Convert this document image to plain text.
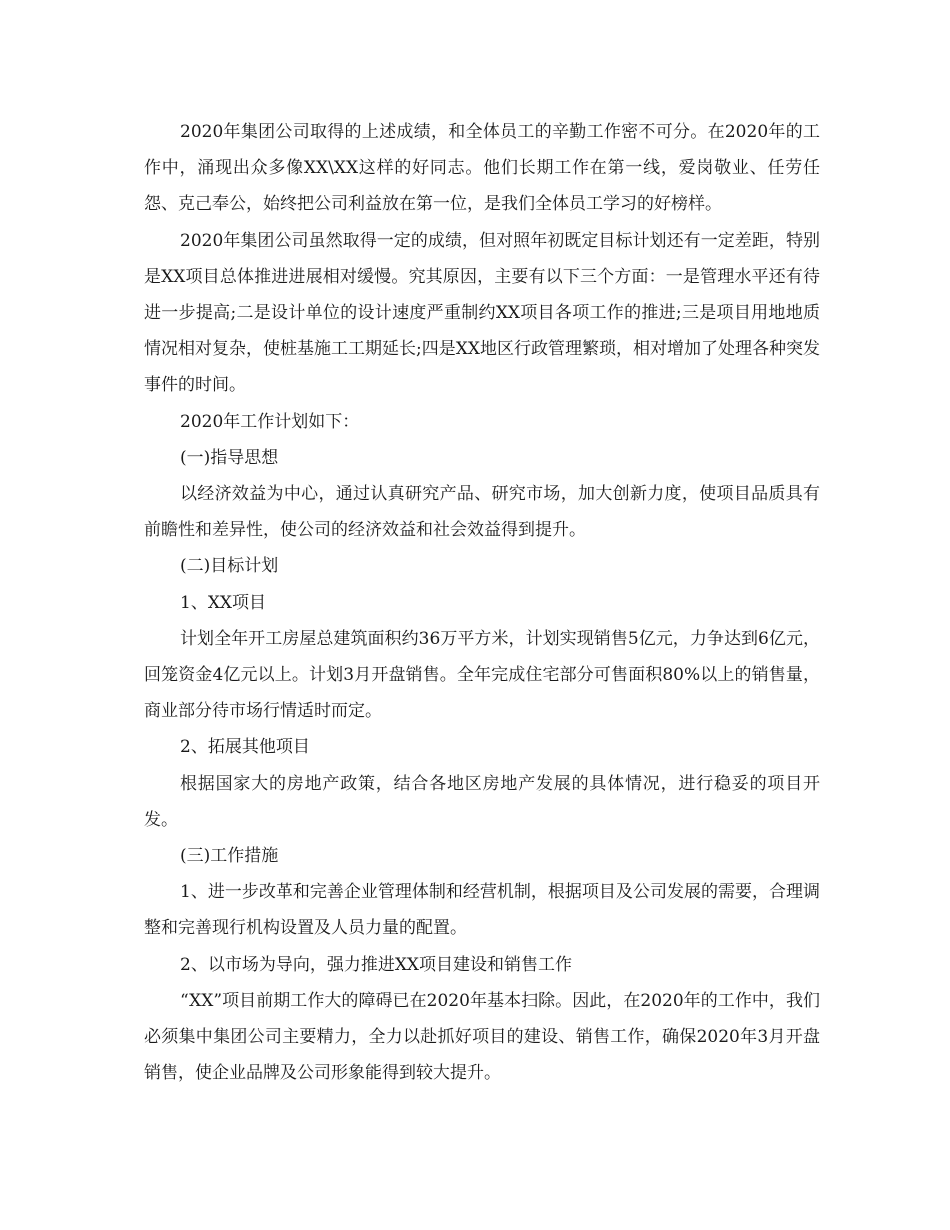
2020年集团公司取得的上述成绩，和全体员工的辛勤工作密不可分。在2020年的工作中，涌现出众多像XX\XX这样的好同志。他们长期工作在第一线，爱岗敬业、任劳任怨、克己奉公，始终把公司利益放在第一位，是我们全体员工学习的好榜样。

2020年集团公司虽然取得一定的成绩，但对照年初既定目标计划还有一定差距，特别是XX项目总体推进进展相对缓慢。究其原因，主要有以下三个方面：一是管理水平还有待进一步提高;二是设计单位的设计速度严重制约XX项目各项工作的推进;三是项目用地地质情况相对复杂，使桩基施工工期延长;四是XX地区行政管理繁琐，相对增加了处理各种突发事件的时间。

2020年工作计划如下：

(一)指导思想

以经济效益为中心，通过认真研究产品、研究市场，加大创新力度，使项目品质具有前瞻性和差异性，使公司的经济效益和社会效益得到提升。

(二)目标计划

1、XX项目

计划全年开工房屋总建筑面积约36万平方米，计划实现销售5亿元，力争达到6亿元，回笼资金4亿元以上。计划3月开盘销售。全年完成住宅部分可售面积80%以上的销售量，商业部分待市场行情适时而定。

2、拓展其他项目

根据国家大的房地产政策，结合各地区房地产发展的具体情况，进行稳妥的项目开发。

(三)工作措施

1、进一步改革和完善企业管理体制和经营机制，根据项目及公司发展的需要，合理调整和完善现行机构设置及人员力量的配置。

2、以市场为导向，强力推进XX项目建设和销售工作

“XX”项目前期工作大的障碍已在2020年基本扫除。因此，在2020年的工作中，我们必须集中集团公司主要精力，全力以赴抓好项目的建设、销售工作，确保2020年3月开盘销售，使企业品牌及公司形象能得到较大提升。
